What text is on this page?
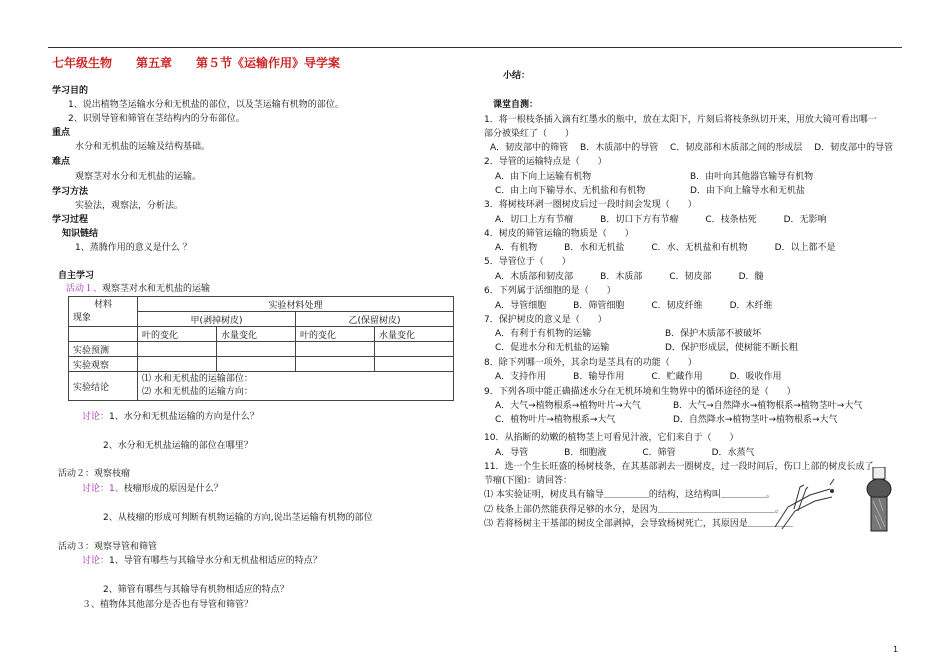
七年级生物　　第五章　　第５节《运输作用》导学案
学习目的
1、说出植物茎运输水分和无机盐的部位，以及茎运输有机物的部位。
2、识别导管和筛管在茎结构内的分布部位。
重点
水分和无机盐的运输及结构基础。
难点
观察茎对水分和无机盐的运输。
学习方法
实验法，观察法，分析法。
学习过程
知识链结
1、蒸腾作用的意义是什么 ？
自主学习
活动１、观察茎对水和无机盐的运输
材料
现象	实验材料处理			
	甲(剥掉树皮)		乙(保留树皮)	
	叶的变化	水量变化	叶的变化	水量变化
实验预测				
实验观察				
实验结论	⑴ 水和无机盐的运输部位：
⑵ 水和无机盐的运输方向：			
讨论：1、水分和无机盐运输的方向是什么？
2、水分和无机盐运输的部位在哪里？
活动２：观察枝瘤
讨论：1、枝瘤形成的原因是什么？
2、从枝瘤的形成可判断有机物运输的方向,说出茎运输有机物的部位
活动３：观察导管和筛管
讨论：1、导管有哪些与其输导水分和无机盐相适应的特点？
2、筛管有哪些与其输导有机物相适应的特点？
３、植物体其他部分是否也有导管和筛管？
小结：
课堂自测：
1．将一根枝条插入滴有红墨水的瓶中，放在太阳下，片刻后将枝条纵切开来，用放大镜可看出哪一
部分被染红了（　　）
A．韧皮部中的筛管　 B．木质部中的导管　 C．韧皮部和木质部之间的形成层　 D．韧皮部中的导管
2．导管的运输特点是（　　）
A．由下向上运输有机物	B．由叶向其他器官输导有机物
C．由上向下输导水、无机盐和有机物	D．由下向上输导水和无机盐
3．将树枝环剥一圈树皮后过一段时间会发现（　　）
A．切口上方有节瘤　　　B．切口下方有节瘤　　　C．枝条枯死　　　D．无影响
4．树皮的筛管运输的物质是（　　）
A．有机物　　　B．水和无机盐　　　C．水、无机盐和有机物　　　D．以上都不是
5．导管位于（　　）
A．木质部和韧皮部　　　B．木质部　　　C．韧皮部　　　D．髓
6．下列属于活细胞的是（　　）
A．导管细胞　　　B．筛管细胞　　　C．韧皮纤维　　　D．木纤维
7．保护树皮的意义是（　　）
A．有利于有机物的运输	B．保护木质部不被破坏
C．促进水分和无机盐的运输	D．保护形成层，使树能不断长粗
8．除下列哪一项外，其余均是茎具有的功能（　　）
A．支持作用　　　B．输导作用　　　C．贮藏作用　　　D．吸收作用
9．下列各项中能正确描述水分在无机环境和生物界中的循环途径的是（　　）
A．大气→植物根系→植物叶片→大气	B．大气→自然降水→植物根系→植物茎叶→大气
C．植物叶片→植物根系→大气	D．自然降水→植物茎叶→植物根系→大气
10．从掐断的幼嫩的植物茎上可看见汁液，它们来自于（　　）
A．导管　　　　B．细胞液　　　　C．筛管　　　　D．水蒸气
11．选一个生长旺盛的杨树枝条，在其基部剥去一圈树皮，过一段时间后，伤口上部的树皮长成了
节瘤(下图)：请回答：
⑴ 本实验证明，树皮具有输导＿＿＿＿＿的结构，这结构叫＿＿＿＿＿。
⑵ 枝条上部仍然能获得足够的水分，是因为＿＿＿＿＿＿＿＿＿＿＿＿＿。
⑶ 若将杨树主干基部的树皮全部剥掉，会导致杨树死亡，其原因是＿＿＿＿＿
1
